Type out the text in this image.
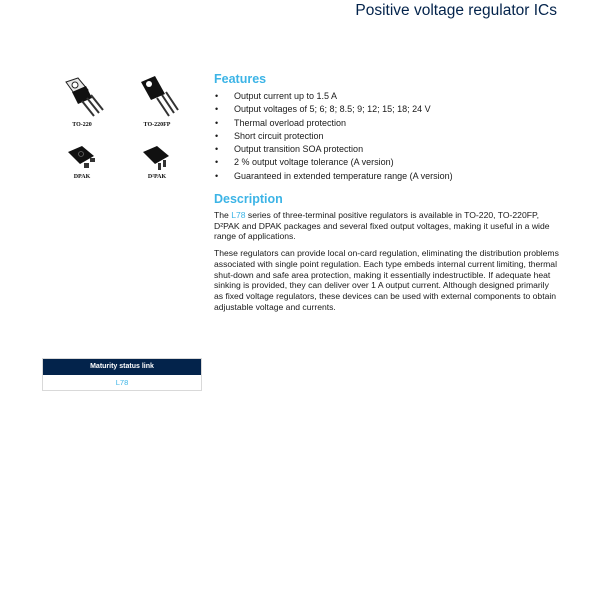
Positive voltage regulator ICs
TO-220	TO-220FP
DPAK	D²PAK
Features
• Output current up to 1.5 A
• Output voltages of 5; 6; 8; 8.5; 9; 12; 15; 18; 24 V
• Thermal overload protection
• Short circuit protection
• Output transition SOA protection
• 2 % output voltage tolerance (A version)
• Guaranteed in extended temperature range (A version)
Description

The L78 series of three-terminal positive regulators is available in TO-220, TO-220FP, D²PAK and DPAK packages and several fixed output voltages, making it useful in a wide range of applications.

These regulators can provide local on-card regulation, eliminating the distribution problems associated with single point regulation. Each type embeds internal current limiting, thermal shut-down and safe area protection, making it essentially indestructible. If adequate heat sinking is provided, they can deliver over 1 A output current. Although designed primarily as fixed voltage regulators, these devices can be used with external components to obtain adjustable voltage and currents.

Maturity status link
L78
